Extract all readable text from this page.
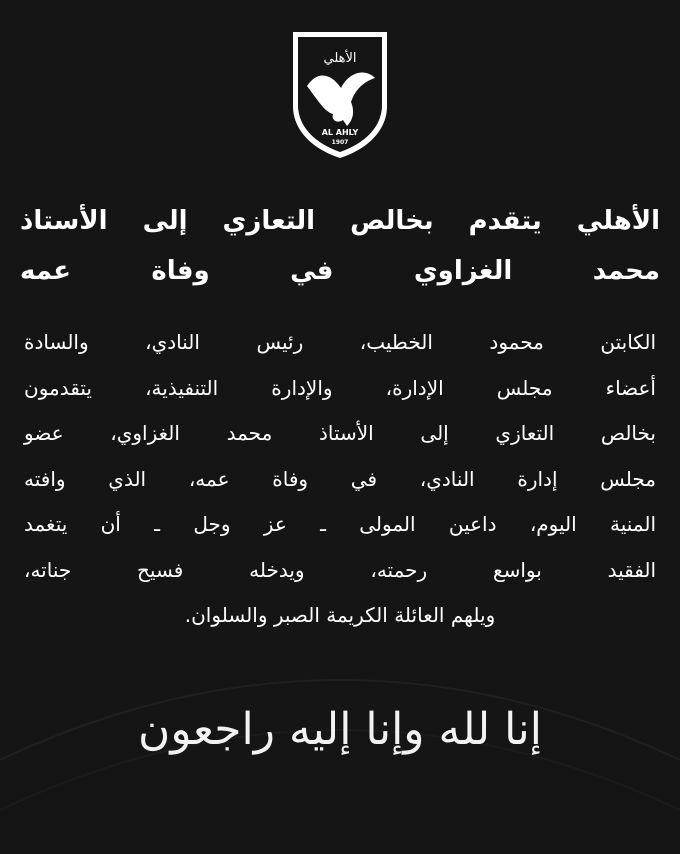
الأهلي
AL AHLY
1907
الأهلي يتقدم بخالص التعازي إلى الأستاذ
محمد الغزاوي في وفاة عمه
الكابتن محمود الخطيب، رئيس النادي، والسادة
أعضاء مجلس الإدارة، والإدارة التنفيذية، يتقدمون
بخالص التعازي إلى الأستاذ محمد الغزاوي، عضو
مجلس إدارة النادي، في وفاة عمه، الذي وافته
المنية اليوم، داعين المولى ـ عز وجل ـ أن يتغمد
الفقيد بواسع رحمته، ويدخله فسيح جناته،
ويلهم العائلة الكريمة الصبر والسلوان.
إنا لله وإنا إليه راجعون
